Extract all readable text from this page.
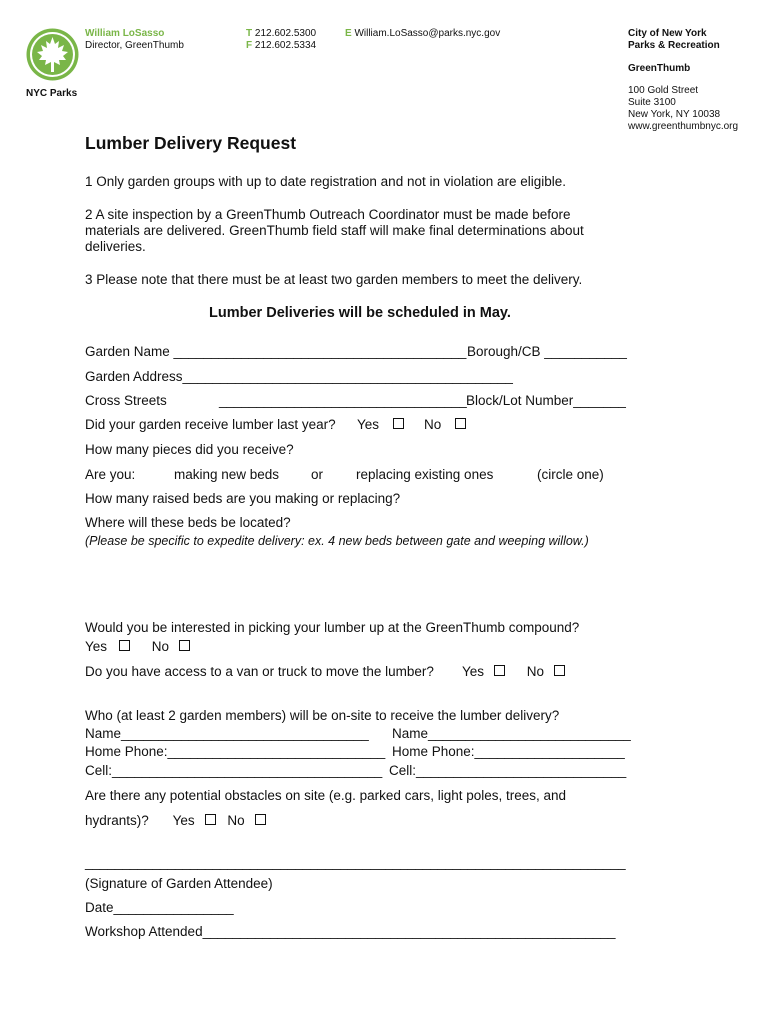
NYC Parks
William LoSasso
Director, GreenThumb
T 212.602.5300
F 212.602.5334
E William.LoSasso@parks.nyc.gov	City of New York
Parks & Recreation
GreenThumb
100 Gold Street
Suite 3100
New York, NY 10038
www.greenthumbnyc.org
Lumber Delivery Request
1 Only garden groups with up to date registration and not in violation are eligible.
2 A site inspection by a GreenThumb Outreach Coordinator must be made before materials are delivered. GreenThumb field staff will make final determinations about deliveries.
3 Please note that there must be at least two garden members to meet the delivery.
Lumber Deliveries will be scheduled in May.
Garden Name _______________________________________ Borough/CB ___________
Garden Address____________________________________________
Cross Streets	_________________________________ Block/Lot Number_______
Did your garden receive lumber last year? Yes	No
How many pieces did you receive?
Are you:	making new beds or replacing existing ones	(circle one)
How many raised beds are you making or replacing?
Where will these beds be located?
(Please be specific to expedite delivery: ex. 4 new beds between gate and weeping willow.)
Would you be interested in picking your lumber up at the GreenThumb compound?
Yes	No
Do you have access to a van or truck to move the lumber? Yes	No
Who (at least 2 garden members) will be on-site to receive the lumber delivery?
Name_________________________________ Name___________________________
Home Phone:_____________________________ Home Phone:____________________
Cell:____________________________________ Cell:____________________________
Are there any potential obstacles on site (e.g. parked cars, light poles, trees, and
hydrants)? Yes No
________________________________________________________________________
(Signature of Garden Attendee)
Date________________
Workshop Attended_______________________________________________________
